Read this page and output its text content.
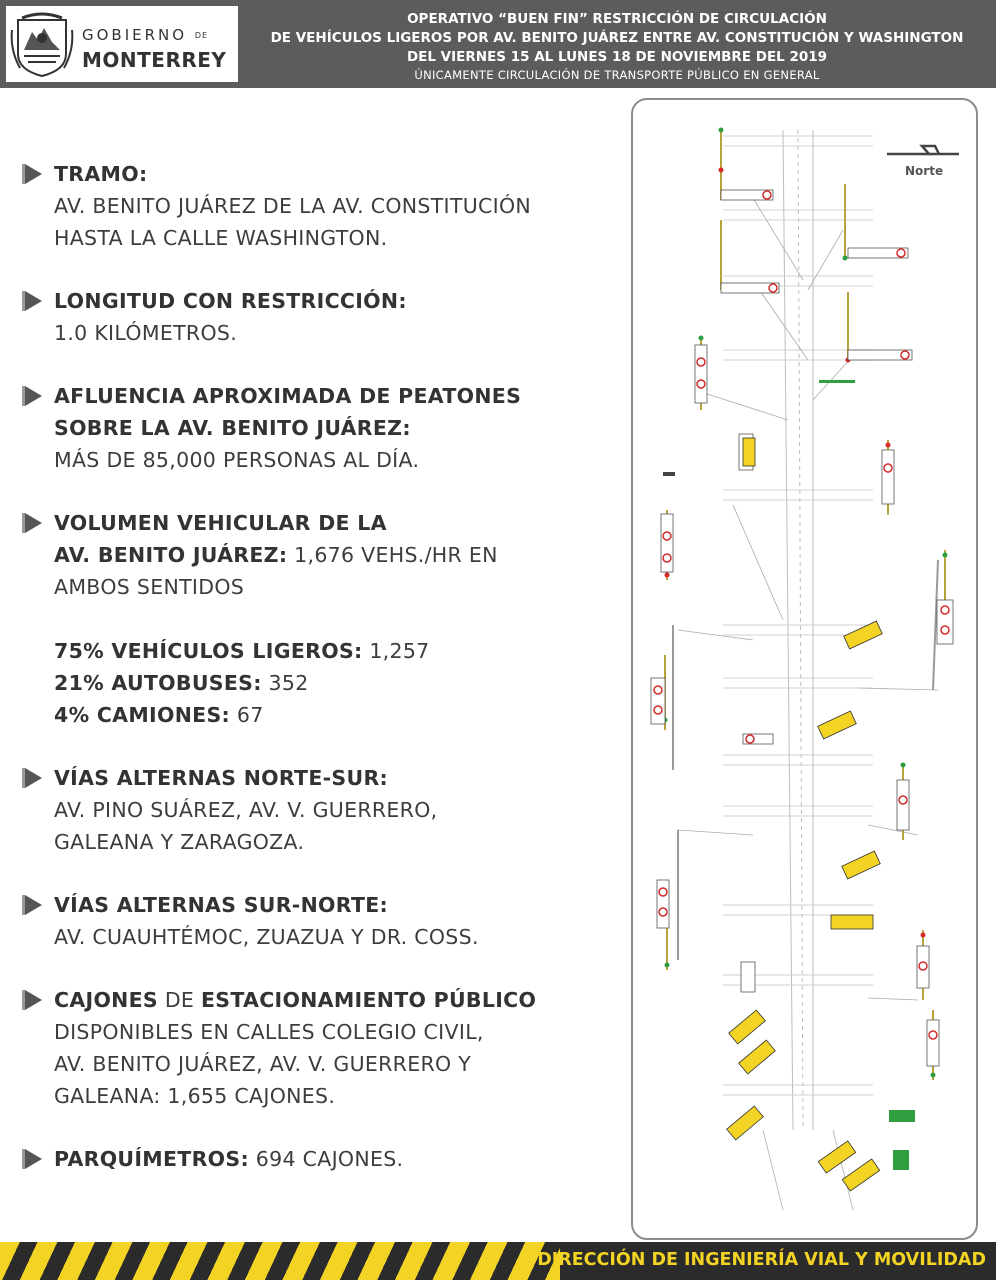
GOBIERNO DE
MONTERREY
OPERATIVO “BUEN FIN” RESTRICCIÓN DE CIRCULACIÓN
DE VEHÍCULOS LIGEROS POR AV. BENITO JUÁREZ ENTRE AV. CONSTITUCIÓN Y WASHINGTON
DEL VIERNES 15 AL LUNES 18 DE NOVIEMBRE DEL 2019
ÚNICAMENTE CIRCULACIÓN DE TRANSPORTE PÚBLICO EN GENERAL
TRAMO:
AV. BENITO JUÁREZ DE LA AV. CONSTITUCIÓN
HASTA LA CALLE WASHINGTON.
LONGITUD CON RESTRICCIÓN:
1.0 KILÓMETROS.
AFLUENCIA APROXIMADA DE PEATONES
SOBRE LA AV. BENITO JUÁREZ:
MÁS DE 85,000 PERSONAS AL DÍA.
VOLUMEN VEHICULAR DE LA
AV. BENITO JUÁREZ: 1,676 VEHS./HR EN
AMBOS SENTIDOS
75% VEHÍCULOS LIGEROS: 1,257
21% AUTOBUSES: 352
4% CAMIONES: 67
VÍAS ALTERNAS NORTE-SUR:
AV. PINO SUÁREZ, AV. V. GUERRERO,
GALEANA Y ZARAGOZA.
VÍAS ALTERNAS SUR-NORTE:
AV. CUAUHTÉMOC, ZUAZUA Y DR. COSS.
CAJONES DE ESTACIONAMIENTO PÚBLICO
DISPONIBLES EN CALLES COLEGIO CIVIL,
AV. BENITO JUÁREZ, AV. V. GUERRERO Y
GALEANA: 1,655 CAJONES.
PARQUÍMETROS: 694 CAJONES.
Norte
DIRECCIÓN DE INGENIERÍA VIAL Y MOVILIDAD
